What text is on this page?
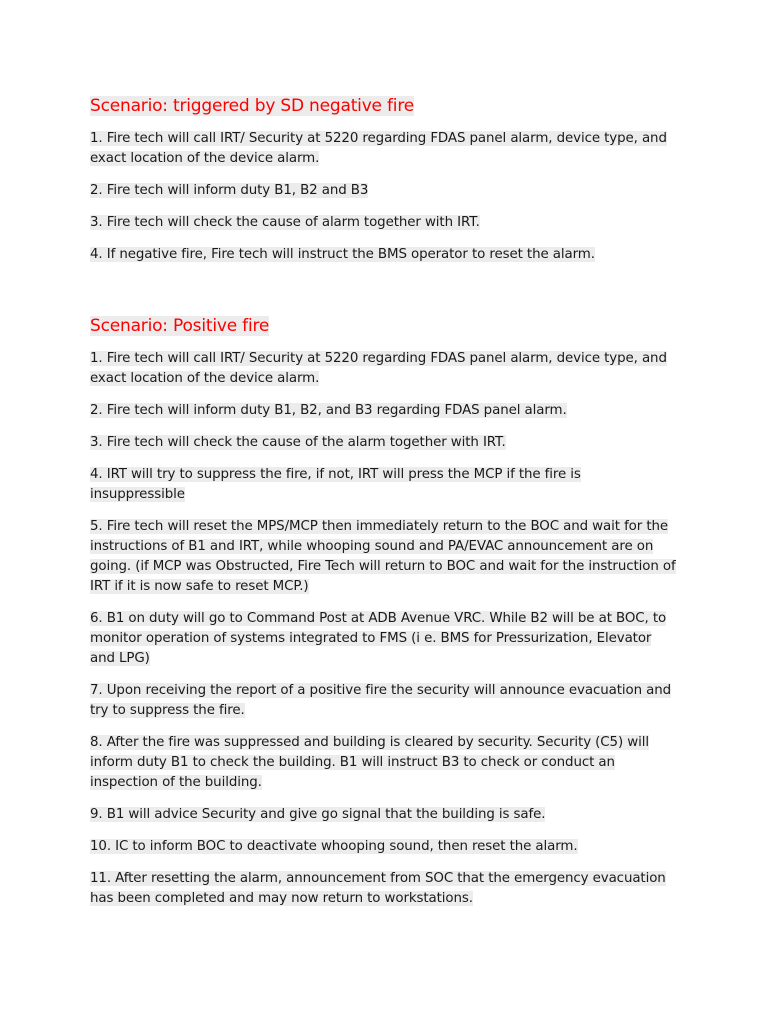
Scenario: triggered by SD negative fire

1. Fire tech will call IRT/ Security at 5220 regarding FDAS panel alarm, device type, and exact location of the device alarm.

2. Fire tech will inform duty B1, B2 and B3

3. Fire tech will check the cause of alarm together with IRT.

4. If negative fire, Fire tech will instruct the BMS operator to reset the alarm.

Scenario: Positive fire

1. Fire tech will call IRT/ Security at 5220 regarding FDAS panel alarm, device type, and exact location of the device alarm.

2. Fire tech will inform duty B1, B2, and B3 regarding FDAS panel alarm.

3. Fire tech will check the cause of the alarm together with IRT.

4. IRT will try to suppress the fire, if not, IRT will press the MCP if the fire is insuppressible

5. Fire tech will reset the MPS/MCP then immediately return to the BOC and wait for the instructions of B1 and IRT, while whooping sound and PA/EVAC announcement are on going. (if MCP was Obstructed, Fire Tech will return to BOC and wait for the instruction of IRT if it is now safe to reset MCP.)

6. B1 on duty will go to Command Post at ADB Avenue VRC. While B2 will be at BOC, to monitor operation of systems integrated to FMS (i e. BMS for Pressurization, Elevator and LPG)

7. Upon receiving the report of a positive fire the security will announce evacuation and try to suppress the fire.

8. After the fire was suppressed and building is cleared by security. Security (C5) will inform duty B1 to check the building. B1 will instruct B3 to check or conduct an inspection of the building.

9. B1 will advice Security and give go signal that the building is safe.

10. IC to inform BOC to deactivate whooping sound, then reset the alarm.

11. After resetting the alarm, announcement from SOC that the emergency evacuation has been completed and may now return to workstations.
